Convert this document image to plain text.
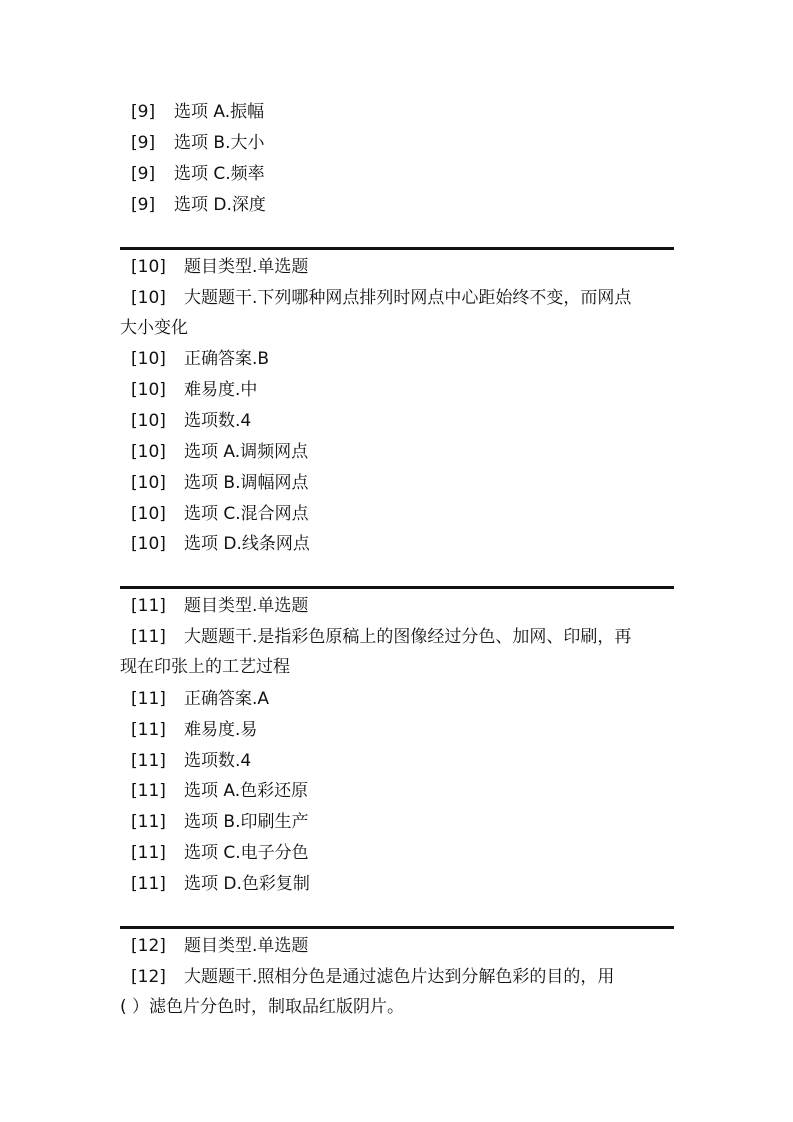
[9] 选项 A.振幅
[9] 选项 B.大小
[9] 选项 C.频率
[9] 选项 D.深度
[10] 题目类型.单选题
[10] 大题题干.下列哪种网点排列时网点中心距始终不变，而网点
大小变化
[10] 正确答案.B
[10] 难易度.中
[10] 选项数.4
[10] 选项 A.调频网点
[10] 选项 B.调幅网点
[10] 选项 C.混合网点
[10] 选项 D.线条网点
[11] 题目类型.单选题
[11] 大题题干.是指彩色原稿上的图像经过分色、加网、印刷，再
现在印张上的工艺过程
[11] 正确答案.A
[11] 难易度.易
[11] 选项数.4
[11] 选项 A.色彩还原
[11] 选项 B.印刷生产
[11] 选项 C.电子分色
[11] 选项 D.色彩复制
[12] 题目类型.单选题
[12] 大题题干.照相分色是通过滤色片达到分解色彩的目的，用
( ）滤色片分色时，制取品红版阴片。
